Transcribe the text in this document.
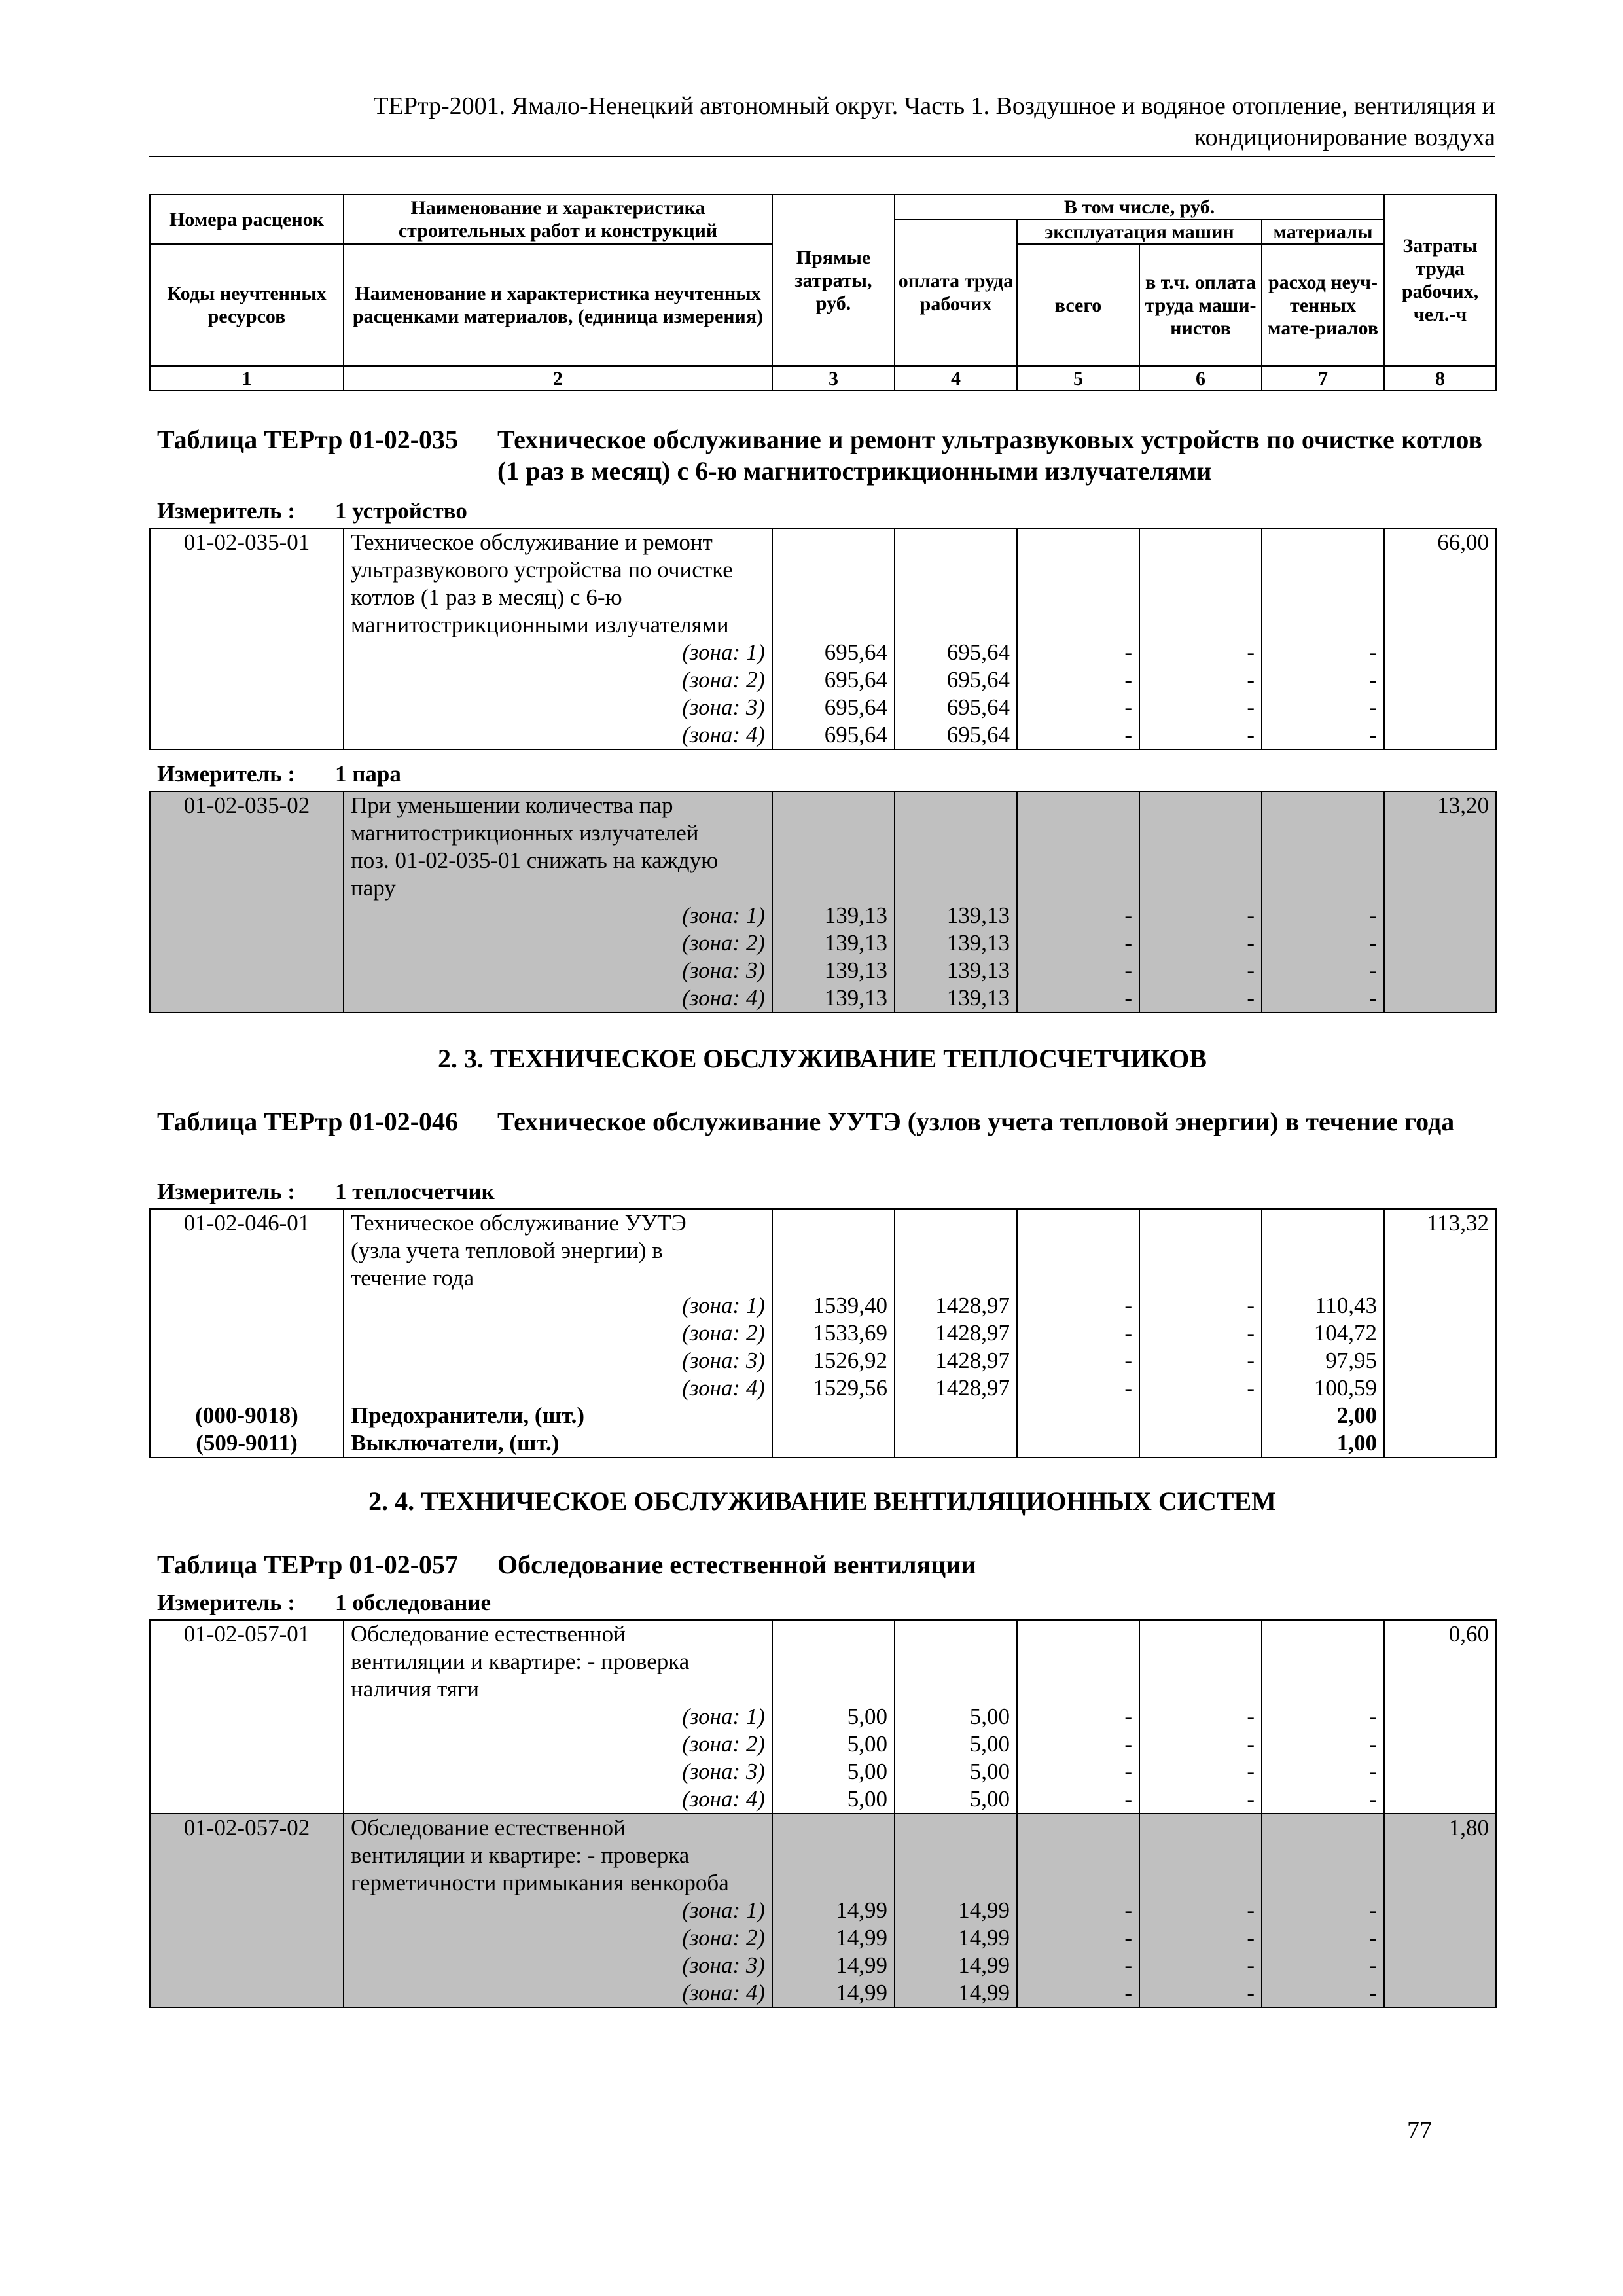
ТЕРтр-2001. Ямало-Ненецкий автономный округ. Часть 1. Воздушное и водяное отопление, вентиляция и
кондиционирование воздуха
Номера расценок	Наименование и характеристика строительных работ и конструкций	Прямые затраты, руб.	В том числе, руб.				Затраты труда рабочих, чел.-ч
			оплата труда рабочих	эксплуатация машин		материалы	
Коды неучтенных ресурсов	Наименование и характеристика неучтенных расценками материалов, (единица измерения)			всего	в т.ч. оплата труда маши-нистов	расход неуч-тенных мате-риалов	

1	2	3	4	5	6	7	8
Таблица ТЕРтр 01-02-035	Техническое обслуживание и ремонт ультразвуковых устройств по очистке котлов (1 раз в месяц) с 6-ю магнитострикционными излучателями
Измеритель : 1 устройство
01-02-035-01	Техническое обслуживание и ремонт						66,00
	ультразвукового устройства по очистке						
	котлов (1 раз в месяц) с 6-ю						
	магнитострикционными излучателями						
	(зона: 1)	695,64	695,64	-	-	-	
	(зона: 2)	695,64	695,64	-	-	-	
	(зона: 3)	695,64	695,64	-	-	-	
	(зона: 4)	695,64	695,64	-	-	-	
Измеритель : 1 пара
01-02-035-02	При уменьшении количества пар						13,20
	магнитострикционных излучателей						
	поз. 01-02-035-01 снижать на каждую						
	пару						
	(зона: 1)	139,13	139,13	-	-	-	
	(зона: 2)	139,13	139,13	-	-	-	
	(зона: 3)	139,13	139,13	-	-	-	
	(зона: 4)	139,13	139,13	-	-	-	
2. 3. ТЕХНИЧЕСКОЕ ОБСЛУЖИВАНИЕ ТЕПЛОСЧЕТЧИКОВ
Таблица ТЕРтр 01-02-046	Техническое обслуживание УУТЭ (узлов учета тепловой энергии) в течение года
Измеритель : 1 теплосчетчик
01-02-046-01	Техническое обслуживание УУТЭ						113,32
	(узла учета тепловой энергии) в						
	течение года						
	(зона: 1)	1539,40	1428,97	-	-	110,43	
	(зона: 2)	1533,69	1428,97	-	-	104,72	
	(зона: 3)	1526,92	1428,97	-	-	97,95	
	(зона: 4)	1529,56	1428,97	-	-	100,59	
(000-9018)	Предохранители, (шт.)					2,00	
(509-9011)	Выключатели, (шт.)					1,00	
2. 4. ТЕХНИЧЕСКОЕ ОБСЛУЖИВАНИЕ ВЕНТИЛЯЦИОННЫХ СИСТЕМ
Таблица ТЕРтр 01-02-057	Обследование естественной вентиляции
Измеритель : 1 обследование
01-02-057-01	Обследование естественной						0,60
	вентиляции и квартире: - проверка						
	наличия тяги						
	(зона: 1)	5,00	5,00	-	-	-	
	(зона: 2)	5,00	5,00	-	-	-	
	(зона: 3)	5,00	5,00	-	-	-	
	(зона: 4)	5,00	5,00	-	-	-	
01-02-057-02	Обследование естественной						1,80
	вентиляции и квартире: - проверка						
	герметичности примыкания венкороба						
	(зона: 1)	14,99	14,99	-	-	-	
	(зона: 2)	14,99	14,99	-	-	-	
	(зона: 3)	14,99	14,99	-	-	-	
	(зона: 4)	14,99	14,99	-	-	-	
77
